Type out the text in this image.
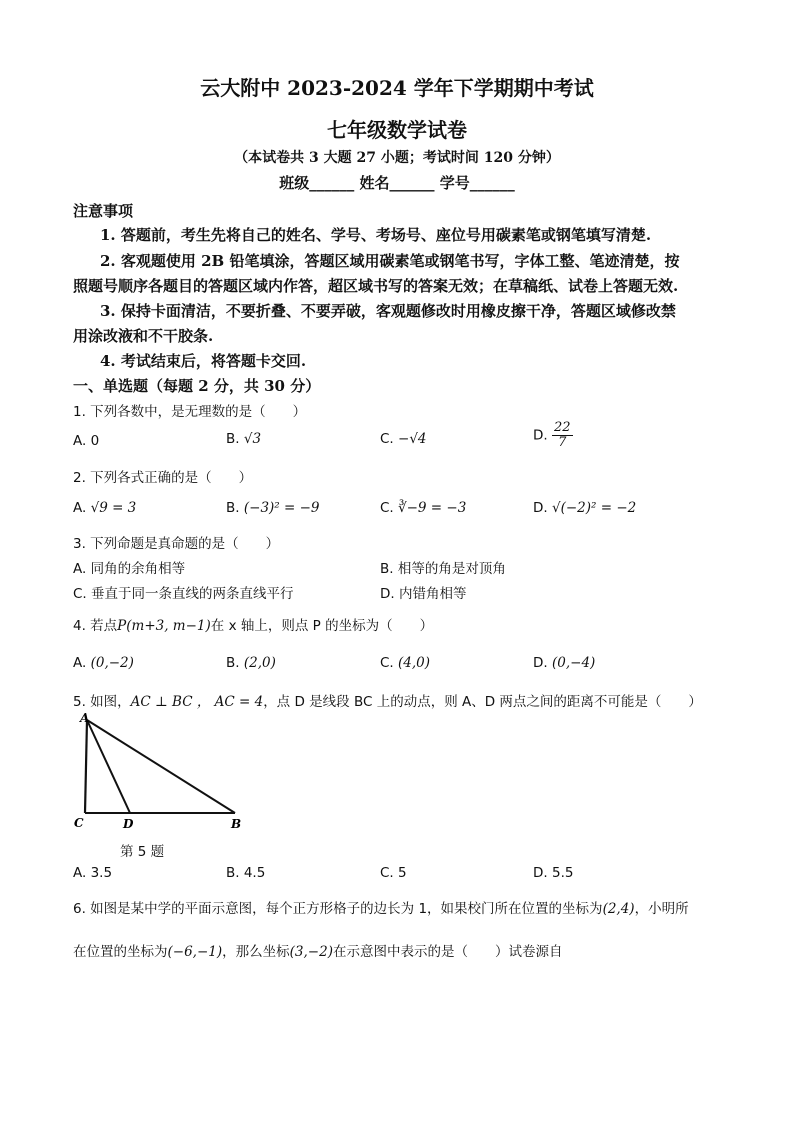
云大附中 2023-2024 学年下学期期中考试
七年级数学试卷
（本试卷共 3 大题 27 小题；考试时间 120 分钟）
班级______ 姓名______ 学号______
注意事项
1. 答题前，考生先将自己的姓名、学号、考场号、座位号用碳素笔或钢笔填写清楚.
2. 客观题使用 2B 铅笔填涂，答题区域用碳素笔或钢笔书写，字体工整、笔迹清楚，按
照题号顺序各题目的答题区域内作答，超区域书写的答案无效；在草稿纸、试卷上答题无效.
3. 保持卡面清洁，不要折叠、不要弄破，客观题修改时用橡皮擦干净，答题区域修改禁
用涂改液和不干胶条.
4. 考试结束后，将答题卡交回.
一、单选题（每题 2 分，共 30 分）
1. 下列各数中，是无理数的是（　　）
A. 0	B. √3	C. −√4	D. $\frac{22}{7}$
2. 下列各式正确的是（　　）
A. √9 = 3	B. (−3)² = −9	C. ∛−9 = −3	D. √(−2)² = −2
3. 下列命题是真命题的是（　　）
A. 同角的余角相等	B. 相等的角是对顶角
C. 垂直于同一条直线的两条直线平行	D. 内错角相等
4. 若点P(m+3, m−1)在 x 轴上，则点 P 的坐标为（　　）
A. (0,−2)	B. (2,0)	C. (4,0)	D. (0,−4)
5. 如图，AC ⊥ BC ， AC = 4，点 D 是线段 BC 上的动点，则 A、D 两点之间的距离不可能是（　　）
A
C	D	B
第 5 题
A. 3.5	B. 4.5	C. 5	D. 5.5
6. 如图是某中学的平面示意图，每个正方形格子的边长为 1，如果校门所在位置的坐标为(2,4)，小明所
在位置的坐标为(−6,−1)，那么坐标(3,−2)在示意图中表示的是（　　）试卷源自
